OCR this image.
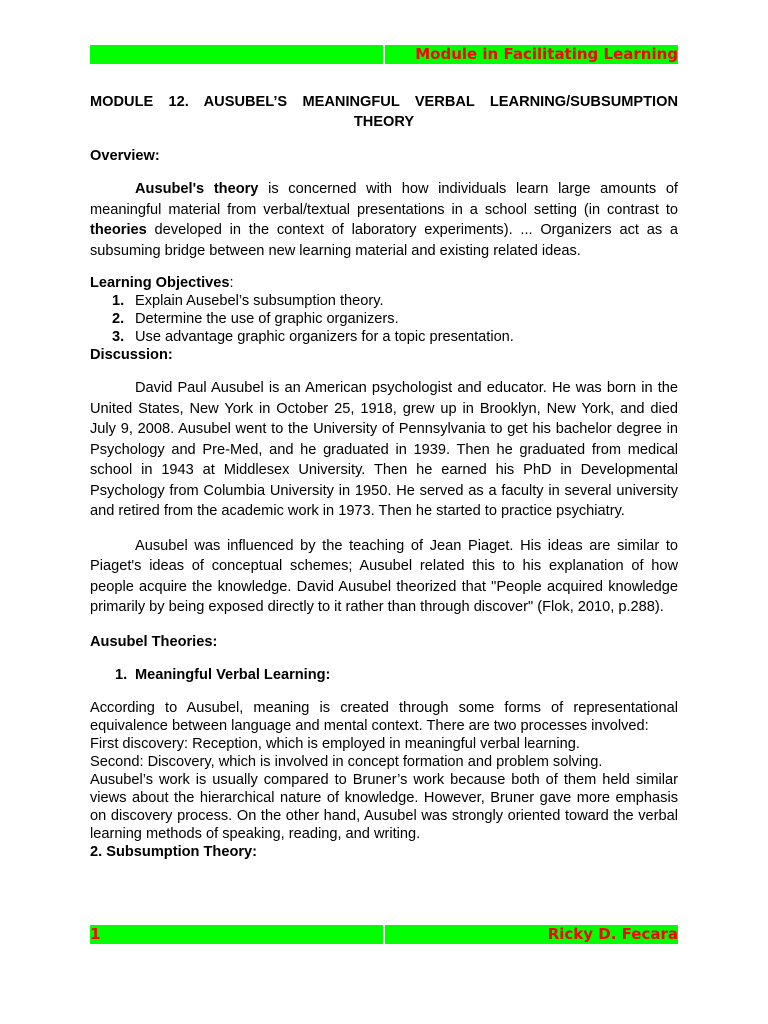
Module in Facilitating Learning

MODULE 12. AUSUBEL’S MEANINGFUL VERBAL LEARNING/SUBSUMPTION THEORY

Overview:

Ausubel's theory is concerned with how individuals learn large amounts of meaningful material from verbal/textual presentations in a school setting (in contrast to theories developed in the context of laboratory experiments). ... Organizers act as a subsuming bridge between new learning material and existing related ideas.

Learning Objectives:

1. Explain Ausebel’s subsumption theory.
2. Determine the use of graphic organizers.
3. Use advantage graphic organizers for a topic presentation.

Discussion:

David Paul Ausubel is an American psychologist and educator. He was born in the United States, New York in October 25, 1918, grew up in Brooklyn, New York, and died July 9, 2008. Ausubel went to the University of Pennsylvania to get his bachelor degree in Psychology and Pre-Med, and he graduated in 1939. Then he graduated from medical school in 1943 at Middlesex University. Then he earned his PhD in Developmental Psychology from Columbia University in 1950. He served as a faculty in several university and retired from the academic work in 1973. Then he started to practice psychiatry.

Ausubel was influenced by the teaching of Jean Piaget. His ideas are similar to Piaget's ideas of conceptual schemes; Ausubel related this to his explanation of how people acquire the knowledge. David Ausubel theorized that "People acquired knowledge primarily by being exposed directly to it rather than through discover" (Flok, 2010, p.288).

Ausubel Theories:

1. Meaningful Verbal Learning:

According to Ausubel, meaning is created through some forms of representational equivalence between language and mental context. There are two processes involved:

First discovery: Reception, which is employed in meaningful verbal learning.

Second: Discovery, which is involved in concept formation and problem solving.

Ausubel’s work is usually compared to Bruner’s work because both of them held similar views about the hierarchical nature of knowledge. However, Bruner gave more emphasis on discovery process. On the other hand, Ausubel was strongly oriented toward the verbal learning methods of speaking, reading, and writing.

2. Subsumption Theory:

1	Ricky D. Fecara
